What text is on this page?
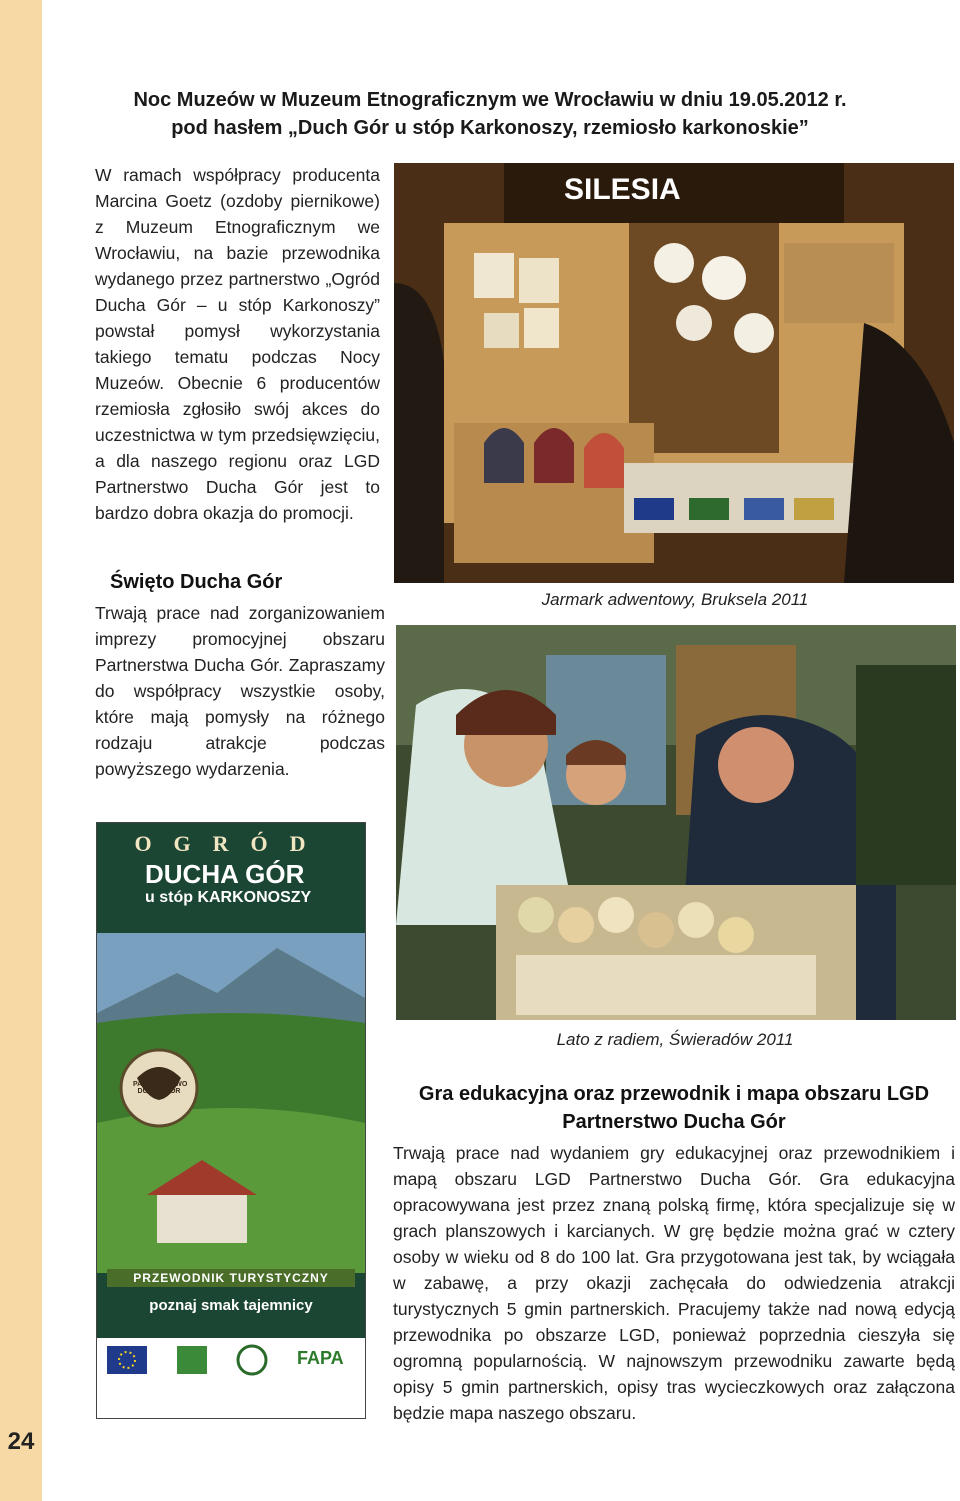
24
Noc Muzeów w Muzeum Etnograficznym we Wrocławiu w dniu 19.05.2012 r.
pod hasłem „Duch Gór u stóp Karkonoszy, rzemiosło karkonoskie”
W ramach współpracy producenta Marcina Goetz (ozdoby piernikowe) z Muzeum Etnograficznym we Wrocławiu, na bazie przewodnika wydanego przez partnerstwo „Ogród Ducha Gór – u stóp Karkonoszy” powstał pomysł wykorzystania takiego tematu podczas Nocy Muzeów. Obecnie 6 producentów rzemiosła zgłosiło swój akces do uczestnictwa w tym przedsięwzięciu, a dla naszego regionu oraz LGD Partnerstwo Ducha Gór jest to bardzo dobra okazja do promocji.
SILESIA
Jarmark adwentowy, Bruksela 2011
Święto Ducha Gór
Trwają prace nad zorganizowaniem imprezy promocyjnej obszaru Partnerstwa Ducha Gór. Zapraszamy do współpracy wszystkie osoby, które mają pomysły na różnego rodzaju atrakcje podczas powyższego wydarzenia.
Lato z radiem, Świeradów 2011
Gra edukacyjna oraz przewodnik i mapa obszaru LGD Partnerstwo Ducha Gór
Trwają prace nad wydaniem gry edukacyjnej oraz przewodnikiem i mapą obszaru LGD Partnerstwo Ducha Gór. Gra edukacyjna opracowywana jest przez znaną polską firmę, która specjalizuje się w grach planszowych i karcianych. W grę będzie można grać w cztery osoby w wieku od 8 do 100 lat. Gra przygotowana jest tak, by wciągała w zabawę, a przy okazji zachęcała do odwiedzenia atrakcji turystycznych 5 gmin partnerskich. Pracujemy także nad nową edycją przewodnika po obszarze LGD, ponieważ poprzednia cieszyła się ogromną popularnością. W najnowszym przewodniku zawarte będą opisy 5 gmin partnerskich, opisy tras wycieczkowych oraz załączona będzie mapa naszego obszaru.
OGRÓD
DUCHA GÓR
u stóp KARKONOSZY
PARTNERSTWO DUCHA GÓR
PRZEWODNIK TURYSTYCZNY
poznaj smak tajemnicy
FAPA
